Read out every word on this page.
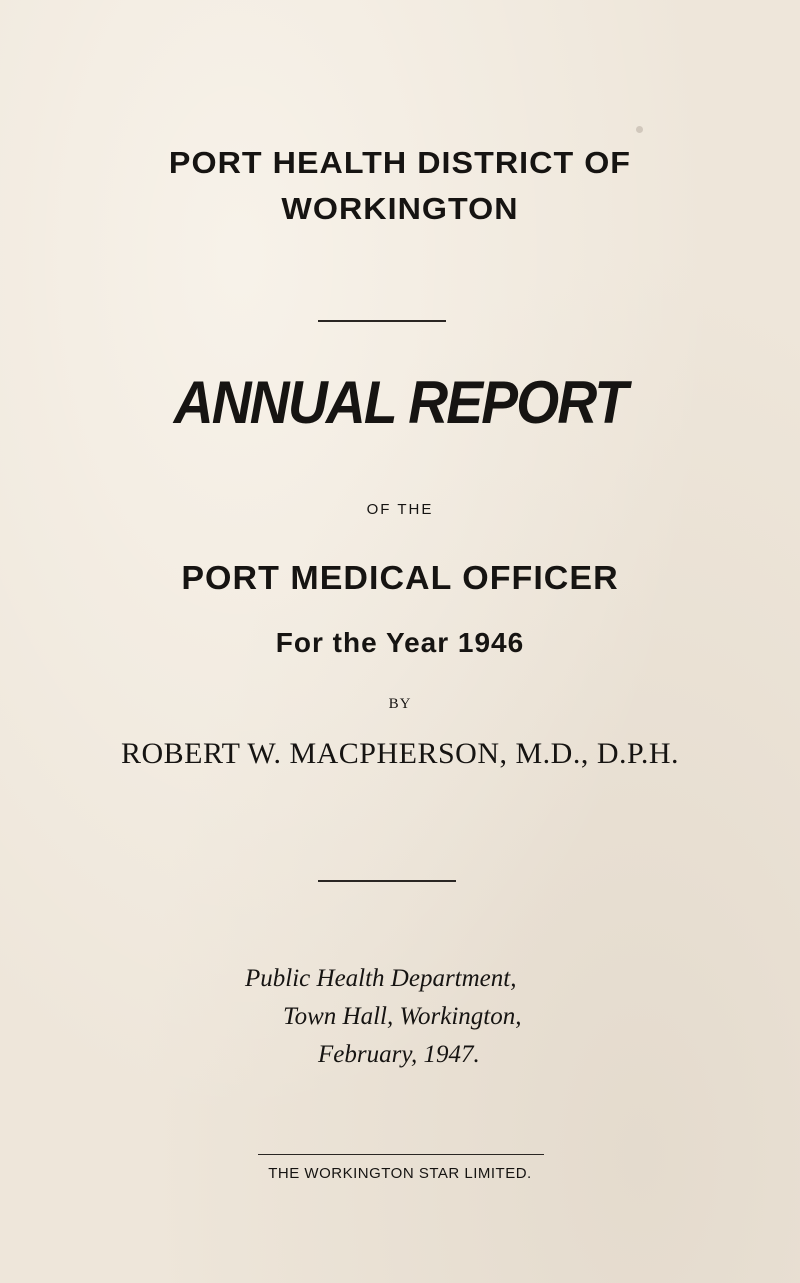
PORT HEALTH DISTRICT OF
WORKINGTON
ANNUAL REPORT
OF THE
PORT MEDICAL OFFICER
For the Year 1946
BY
ROBERT W. MACPHERSON, M.D., D.P.H.
Public Health Department,
Town Hall, Workington,
February, 1947.
THE WORKINGTON STAR LIMITED.
